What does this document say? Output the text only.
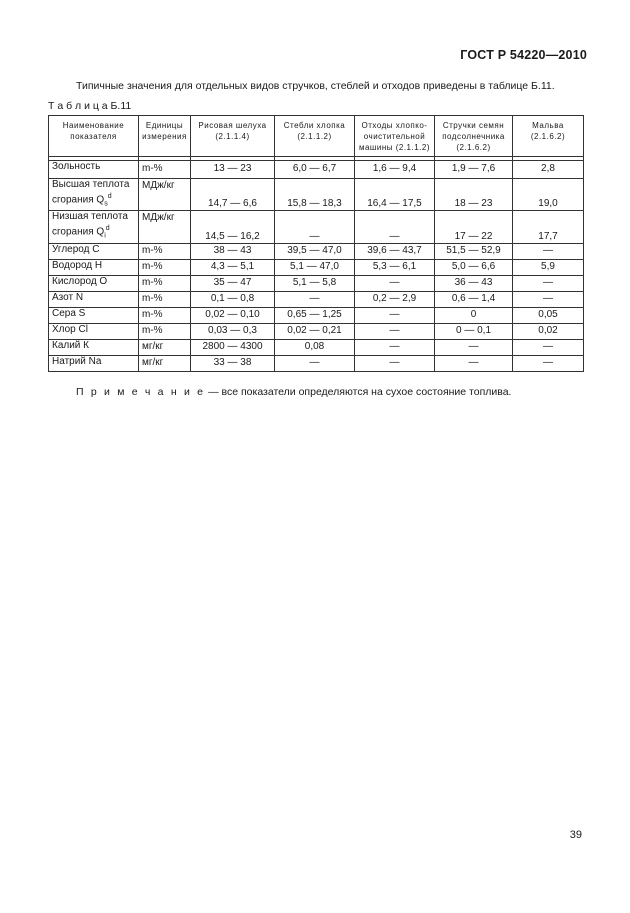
ГОСТ Р 54220—2010
Типичные значения для отдельных видов стручков, стеблей и отходов приведены в таблице Б.11.
Т а б л и ц а Б.11
Наименование показателя	Единицы измерения	Рисовая шелуха (2.1.1.4)	Стебли хлопка (2.1.1.2)	Отходы хлопко-очистительной машины (2.1.1.2)	Стручки семян подсолнечника (2.1.6.2)	Мальва (2.1.6.2)

Зольность	m-%	13 — 23	6,0 — 6,7	1,6 — 9,4	1,9 — 7,6	2,8
Высшая теплота
сгорания $Q_s^d$	МДж/кг	14,7 — 6,6	15,8 — 18,3	16,4 — 17,5	18 — 23	19,0
Низшая теплота
сгорания $Q_i^d$	МДж/кг	14,5 — 16,2	—	—	17 — 22	17,7
Углерод С	m-%	38 — 43	39,5 — 47,0	39,6 — 43,7	51,5 — 52,9	—
Водород Н	m-%	4,3 — 5,1	5,1 — 47,0	5,3 — 6,1	5,0 — 6,6	5,9
Кислород О	m-%	35 — 47	5,1 — 5,8	—	36 — 43	—
Азот N	m-%	0,1 — 0,8	—	0,2 — 2,9	0,6 — 1,4	—
Сера S	m-%	0,02 — 0,10	0,65 — 1,25	—	0	0,05
Хлор Cl	m-%	0,03 — 0,3	0,02 — 0,21	—	0 — 0,1	0,02
Калий К	мг/кг	2800 — 4300	0,08	—	—	—
Натрий Na	мг/кг	33 — 38	—	—	—	—
П р и м е ч а н и е — все показатели определяются на сухое состояние топлива.
39
